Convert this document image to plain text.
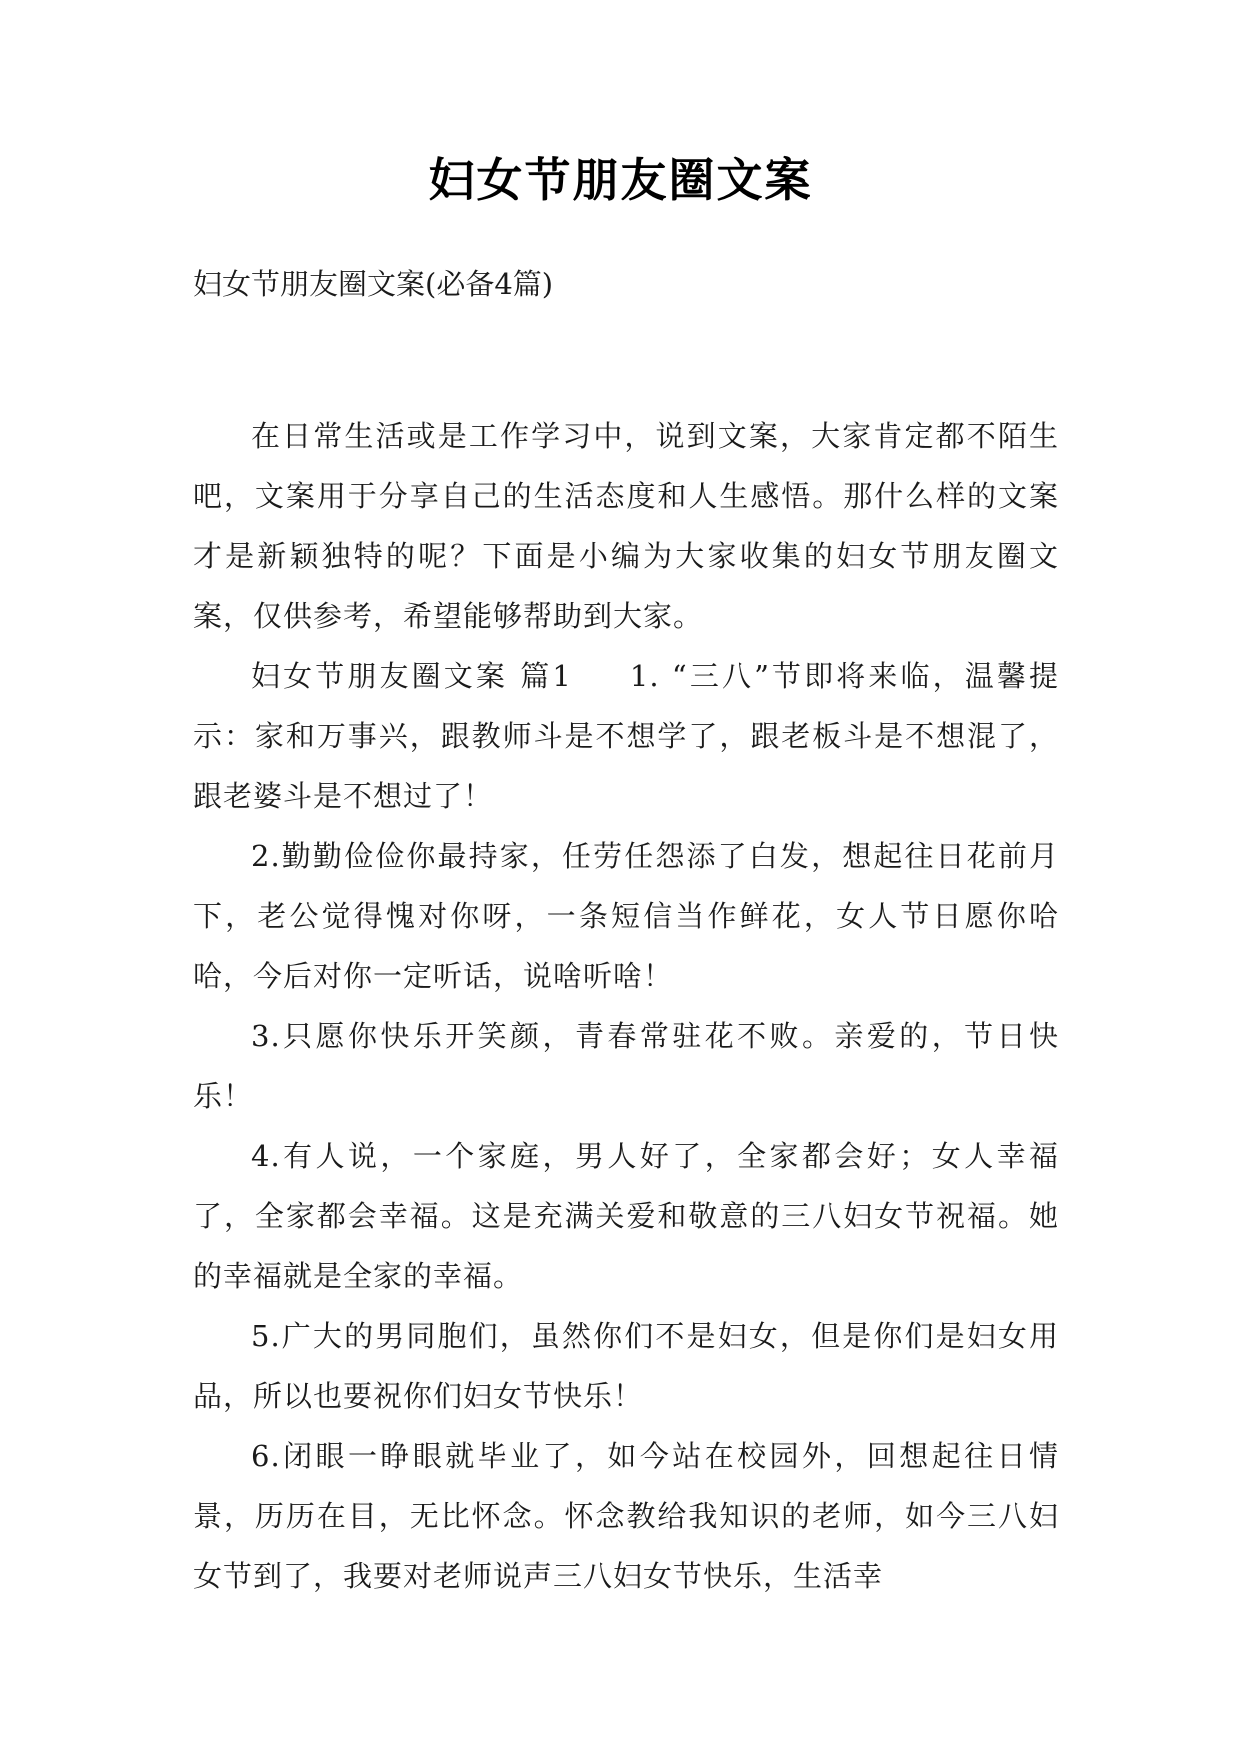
妇女节朋友圈文案
妇女节朋友圈文案(必备4篇)

在日常生活或是工作学习中，说到文案，大家肯定都不陌生吧，文案用于分享自己的生活态度和人生感悟。那什么样的文案才是新颖独特的呢？下面是小编为大家收集的妇女节朋友圈文案，仅供参考，希望能够帮助到大家。

妇女节朋友圈文案 篇1 1. “三八”节即将来临，温馨提示：家和万事兴，跟教师斗是不想学了，跟老板斗是不想混了，跟老婆斗是不想过了！

2.勤勤俭俭你最持家，任劳任怨添了白发，想起往日花前月下，老公觉得愧对你呀，一条短信当作鲜花，女人节日愿你哈哈，今后对你一定听话，说啥听啥！

3.只愿你快乐开笑颜，青春常驻花不败。亲爱的，节日快乐！

4.有人说，一个家庭，男人好了，全家都会好；女人幸福了，全家都会幸福。这是充满关爱和敬意的三八妇女节祝福。她的幸福就是全家的幸福。

5.广大的男同胞们，虽然你们不是妇女，但是你们是妇女用品，所以也要祝你们妇女节快乐！

6.闭眼一睁眼就毕业了，如今站在校园外，回想起往日情景，历历在目，无比怀念。怀念教给我知识的老师，如今三八妇女节到了，我要对老师说声三八妇女节快乐，生活幸
